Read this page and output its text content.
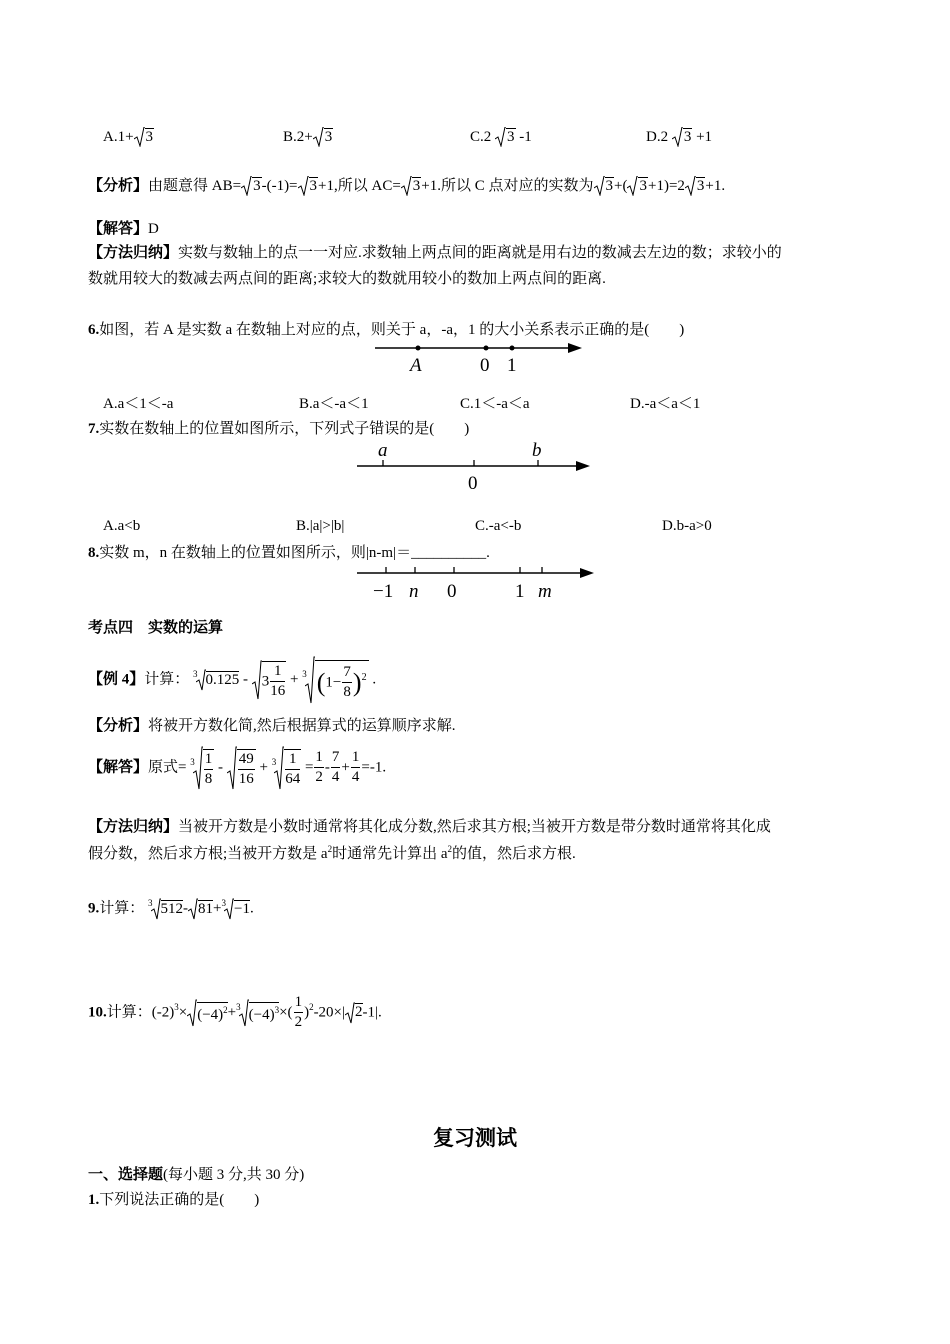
A.1+ 3	B.2+ 3	C.2 3 -1	D.2 3 +1
【分析】由题意得 AB= 3-(-1)= 3+1,所以 AC= 3+1.所以 C 点对应的实数为 3+( 3+1)=2 3+1.
【解答】D
【方法归纳】实数与数轴上的点一一对应.求数轴上两点间的距离就是用右边的数减去左边的数；求较小的
数就用较大的数减去两点间的距离;求较大的数就用较小的数加上两点间的距离.
6.如图，若 A 是实数 a 在数轴上对应的点，则关于 a，-a，1 的大小关系表示正确的是(　　)
A	0 1
A.a＜1＜-a	B.a＜-a＜1	C.1＜-a＜a	D.-a＜a＜1
7.实数在数轴上的位置如图所示，下列式子错误的是(　　)
a
0
b
A.a<b	B.|a|>|b|	C.-a<-b	D.b-a>0
8.实数 m，n 在数轴上的位置如图所示，则|n-m|＝__________.
−1 n 0	1 m
考点四　实数的运算
【例 4】计算： $^3$ $0.125 - 3 \frac{1}{16} + ^3$ $(1- \frac{7}{8} )^2$ .
【分析】将被开方数化简,然后根据算式的运算顺序求解.
【解答】原式= $^3 \frac{1}{8} - \frac{49}{16} + ^3 \frac{1}{64} = \frac{1}{2} - \frac{7}{4} + \frac{1}{4} =-1$.
【方法归纳】当被开方数是小数时通常将其化成分数,然后求其方根;当被开方数是带分数时通常将其化成
假分数，然后求方根;当被开方数是 $a^2$时通常先计算出 $a^2$的值，然后求方根.
9.计算： $^3$ 512- 81+$^3$ −1.
10.计算：$(-2)^3\times (-4)^2+^3(-4)^3\times( \frac{1}{2} )^2-20\times|$ 2-1|.
复习测试
一、选择题(每小题 3 分,共 30 分)
1.下列说法正确的是(　　)
